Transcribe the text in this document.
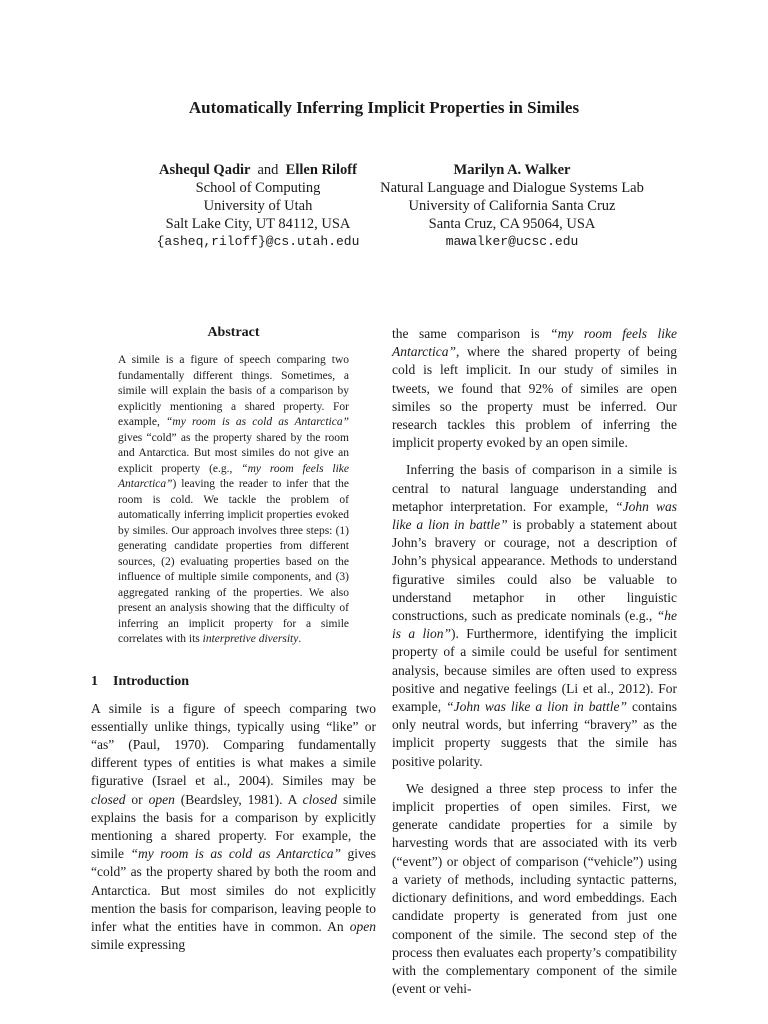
Automatically Inferring Implicit Properties in Similes
Ashequl Qadir and Ellen Riloff
School of Computing
University of Utah
Salt Lake City, UT 84112, USA
{asheq,riloff}@cs.utah.edu
Marilyn A. Walker
Natural Language and Dialogue Systems Lab
University of California Santa Cruz
Santa Cruz, CA 95064, USA
mawalker@ucsc.edu
Abstract

A simile is a figure of speech comparing two fundamentally different things. Sometimes, a simile will explain the basis of a comparison by explicitly mentioning a shared property. For example, “my room is as cold as Antarctica” gives “cold” as the property shared by the room and Antarctica. But most similes do not give an explicit property (e.g., “my room feels like Antarctica”) leaving the reader to infer that the room is cold. We tackle the problem of automatically inferring implicit properties evoked by similes. Our approach involves three steps: (1) generating candidate properties from different sources, (2) evaluating properties based on the influence of multiple simile components, and (3) aggregated ranking of the properties. We also present an analysis showing that the difficulty of inferring an implicit property for a simile correlates with its interpretive diversity.

1 Introduction

A simile is a figure of speech comparing two essentially unlike things, typically using “like” or “as” (Paul, 1970). Comparing fundamentally different types of entities is what makes a simile figurative (Israel et al., 2004). Similes may be closed or open (Beardsley, 1981). A closed simile explains the basis for a comparison by explicitly mentioning a shared property. For example, the simile “my room is as cold as Antarctica” gives “cold” as the property shared by both the room and Antarctica. But most similes do not explicitly mention the basis for comparison, leaving people to infer what the entities have in common. An open simile expressing

the same comparison is “my room feels like Antarctica”, where the shared property of being cold is left implicit. In our study of similes in tweets, we found that 92% of similes are open similes so the property must be inferred. Our research tackles this problem of inferring the implicit property evoked by an open simile.

Inferring the basis of comparison in a simile is central to natural language understanding and metaphor interpretation. For example, “John was like a lion in battle” is probably a statement about John’s bravery or courage, not a description of John’s physical appearance. Methods to understand figurative similes could also be valuable to understand metaphor in other linguistic constructions, such as predicate nominals (e.g., “he is a lion”). Furthermore, identifying the implicit property of a simile could be useful for sentiment analysis, because similes are often used to express positive and negative feelings (Li et al., 2012). For example, “John was like a lion in battle” contains only neutral words, but inferring “bravery” as the implicit property suggests that the simile has positive polarity.

We designed a three step process to infer the implicit properties of open similes. First, we generate candidate properties for a simile by harvesting words that are associated with its verb (“event”) or object of comparison (“vehicle”) using a variety of methods, including syntactic patterns, dictionary definitions, and word embeddings. Each candidate property is generated from just one component of the simile. The second step of the process then evaluates each property’s compatibility with the complementary component of the simile (event or vehi-
